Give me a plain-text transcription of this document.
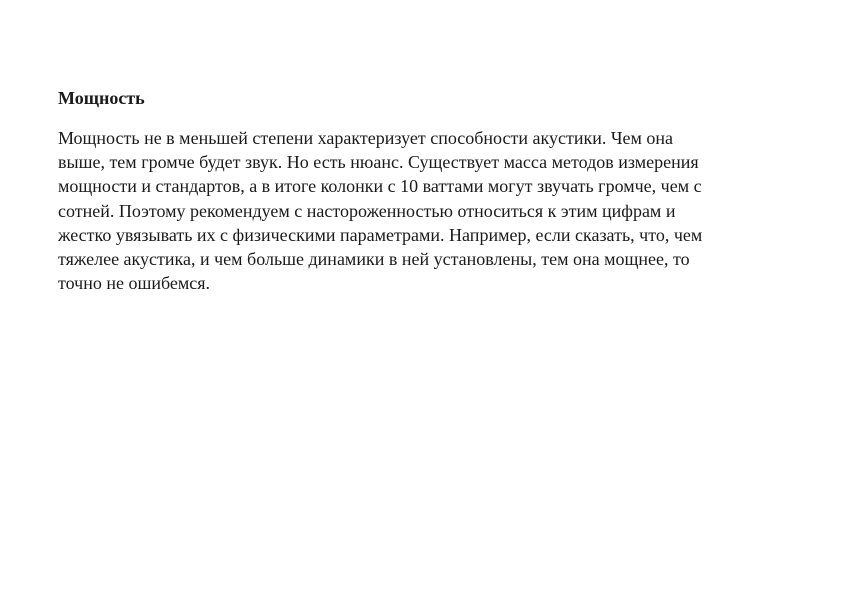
Мощность

Мощность не в меньшей степени характеризует способности акустики. Чем она
выше, тем громче будет звук. Но есть нюанс. Существует масса методов измерения
мощности и стандартов, а в итоге колонки с 10 ваттами могут звучать громче, чем с
сотней. Поэтому рекомендуем с настороженностью относиться к этим цифрам и
жестко увязывать их с физическими параметрами. Например, если сказать, что, чем
тяжелее акустика, и чем больше динамики в ней установлены, тем она мощнее, то
точно не ошибемся.
